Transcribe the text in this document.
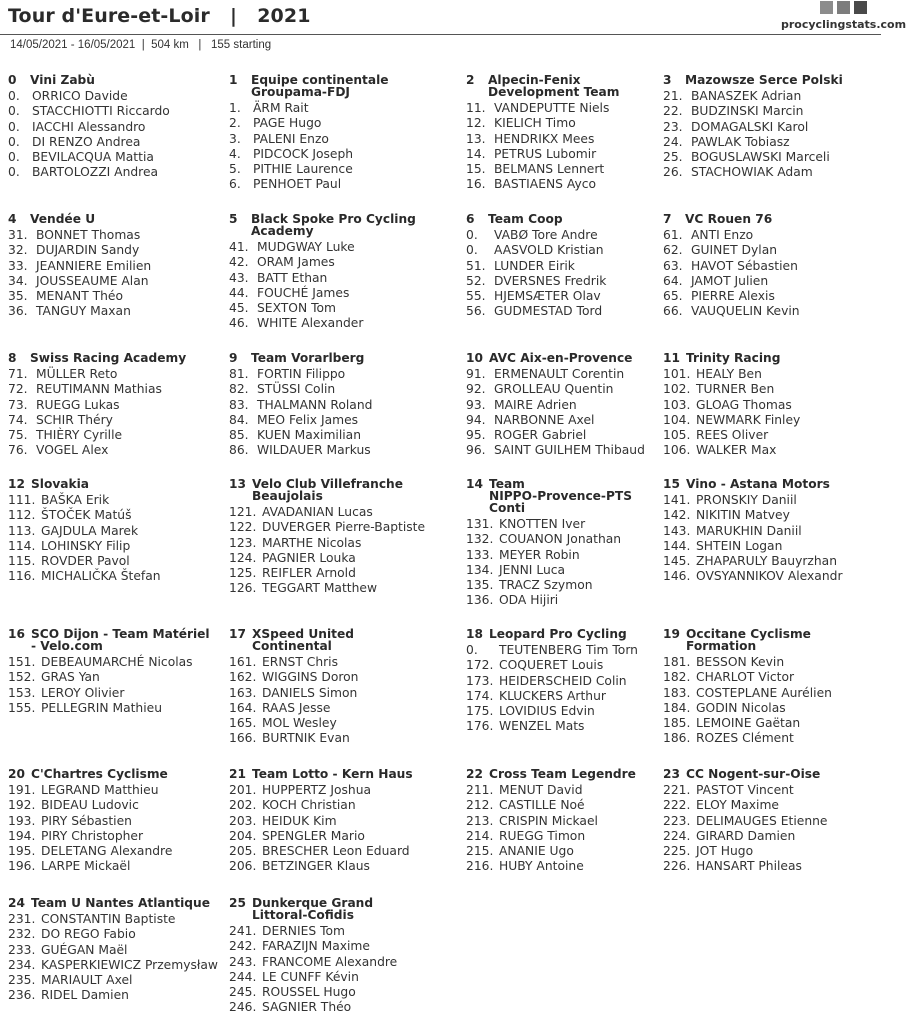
Tour d'Eure-et-Loir | 2021	procyclingstats.com
14/05/2021 - 16/05/2021  |  504 km   |   155 starting
0	Vini Zabù
0. ORRICO Davide
0. STACCHIOTTI Riccardo
0. IACCHI Alessandro
0. DI RENZO Andrea
0. BEVILACQUA Mattia
0. BARTOLOZZI Andrea
1	Equipe continentale
Groupama-FDJ
1. ÄRM Rait
2. PAGE Hugo
3. PALENI Enzo
4. PIDCOCK Joseph
5. PITHIE Laurence
6. PENHOET Paul
2	Alpecin-Fenix
Development Team
11. VANDEPUTTE Niels
12. KIELICH Timo
13. HENDRIKX Mees
14. PETRUS Lubomir
15. BELMANS Lennert
16. BASTIAENS Ayco
3	Mazowsze Serce Polski
21. BANASZEK Adrian
22. BUDZINSKI Marcin
23. DOMAGALSKI Karol
24. PAWLAK Tobiasz
25. BOGUSLAWSKI Marceli
26. STACHOWIAK Adam
4	Vendée U
31. BONNET Thomas
32. DUJARDIN Sandy
33. JEANNIERE Emilien
34. JOUSSEAUME Alan
35. MENANT Théo
36. TANGUY Maxan
5	Black Spoke Pro Cycling
Academy
41. MUDGWAY Luke
42. ORAM James
43. BATT Ethan
44. FOUCHÉ James
45. SEXTON Tom
46. WHITE Alexander
6	Team Coop
0.	VABØ Tore Andre
0.	AASVOLD Kristian
51. LUNDER Eirik
52. DVERSNES Fredrik
55. HJEMSÆTER Olav
56. GUDMESTAD Tord
7	VC Rouen 76
61. ANTI Enzo
62. GUINET Dylan
63. HAVOT Sébastien
64. JAMOT Julien
65. PIERRE Alexis
66. VAUQUELIN Kevin
8	Swiss Racing Academy
71. MÜLLER Reto
72. REUTIMANN Mathias
73. RUEGG Lukas
74. SCHIR Théry
75. THIÈRY Cyrille
76. VOGEL Alex
9	Team Vorarlberg
81. FORTIN Filippo
82. STÜSSI Colin
83. THALMANN Roland
84. MEO Felix James
85. KUEN Maximilian
86. WILDAUER Markus
10 AVC Aix-en-Provence
91. ERMENAULT Corentin
92. GROLLEAU Quentin
93. MAIRE Adrien
94. NARBONNE Axel
95. ROGER Gabriel
96. SAINT GUILHEM Thibaud
11 Trinity Racing
101. HEALY Ben
102. TURNER Ben
103. GLOAG Thomas
104. NEWMARK Finley
105. REES Oliver
106. WALKER Max
12 Slovakia
111. BAŠKA Erik
112. ŠTOČEK Matúš
113. GAJDULA Marek
114. LOHINSKY Filip
115. ROVDER Pavol
116. MICHALIČKA Štefan
13 Velo Club Villefranche
Beaujolais
121. AVADANIAN Lucas
122. DUVERGER Pierre-Baptiste
123. MARTHE Nicolas
124. PAGNIER Louka
125. REIFLER Arnold
126. TEGGART Matthew
14 Team
NIPPO-Provence-PTS
Conti
131. KNOTTEN Iver
132. COUANON Jonathan
133. MEYER Robin
134. JENNI Luca
135. TRACZ Szymon
136. ODA Hijiri
15 Vino - Astana Motors
141. PRONSKIY Daniil
142. NIKITIN Matvey
143. MARUKHIN Daniil
144. SHTEIN Logan
145. ZHAPARULY Bauyrzhan
146. OVSYANNIKOV Alexandr
16 SCO Dijon - Team Matériel
- Velo.com
151. DEBEAUMARCHÉ Nicolas
152. GRAS Yan
153. LEROY Olivier
155. PELLEGRIN Mathieu
17 XSpeed United
Continental
161. ERNST Chris
162. WIGGINS Doron
163. DANIELS Simon
164. RAAS Jesse
165. MOL Wesley
166. BURTNIK Evan
18 Leopard Pro Cycling
0.	TEUTENBERG Tim Torn
172. COQUERET Louis
173. HEIDERSCHEID Colin
174. KLUCKERS Arthur
175. LOVIDIUS Edvin
176. WENZEL Mats
19 Occitane Cyclisme
Formation
181. BESSON Kevin
182. CHARLOT Victor
183. COSTEPLANE Aurélien
184. GODIN Nicolas
185. LEMOINE Gaëtan
186. ROZES Clément
20 C'Chartres Cyclisme
191. LEGRAND Matthieu
192. BIDEAU Ludovic
193. PIRY Sébastien
194. PIRY Christopher
195. DELETANG Alexandre
196. LARPE Mickaël
21 Team Lotto - Kern Haus
201. HUPPERTZ Joshua
202. KOCH Christian
203. HEIDUK Kim
204. SPENGLER Mario
205. BRESCHER Leon Eduard
206. BETZINGER Klaus
22 Cross Team Legendre
211. MENUT David
212. CASTILLE Noé
213. CRISPIN Mickael
214. RUEGG Timon
215. ANANIE Ugo
216. HUBY Antoine
23 CC Nogent-sur-Oise
221. PASTOT Vincent
222. ELOY Maxime
223. DELIMAUGES Etienne
224. GIRARD Damien
225. JOT Hugo
226. HANSART Phileas
24 Team U Nantes Atlantique
231. CONSTANTIN Baptiste
232. DO REGO Fabio
233. GUÉGAN Maël
234. KASPERKIEWICZ Przemysław
235. MARIAULT Axel
236. RIDEL Damien
25 Dunkerque Grand
Littoral-Cofidis
241. DERNIES Tom
242. FARAZIJN Maxime
243. FRANCOME Alexandre
244. LE CUNFF Kévin
245. ROUSSEL Hugo
246. SAGNIER Théo
